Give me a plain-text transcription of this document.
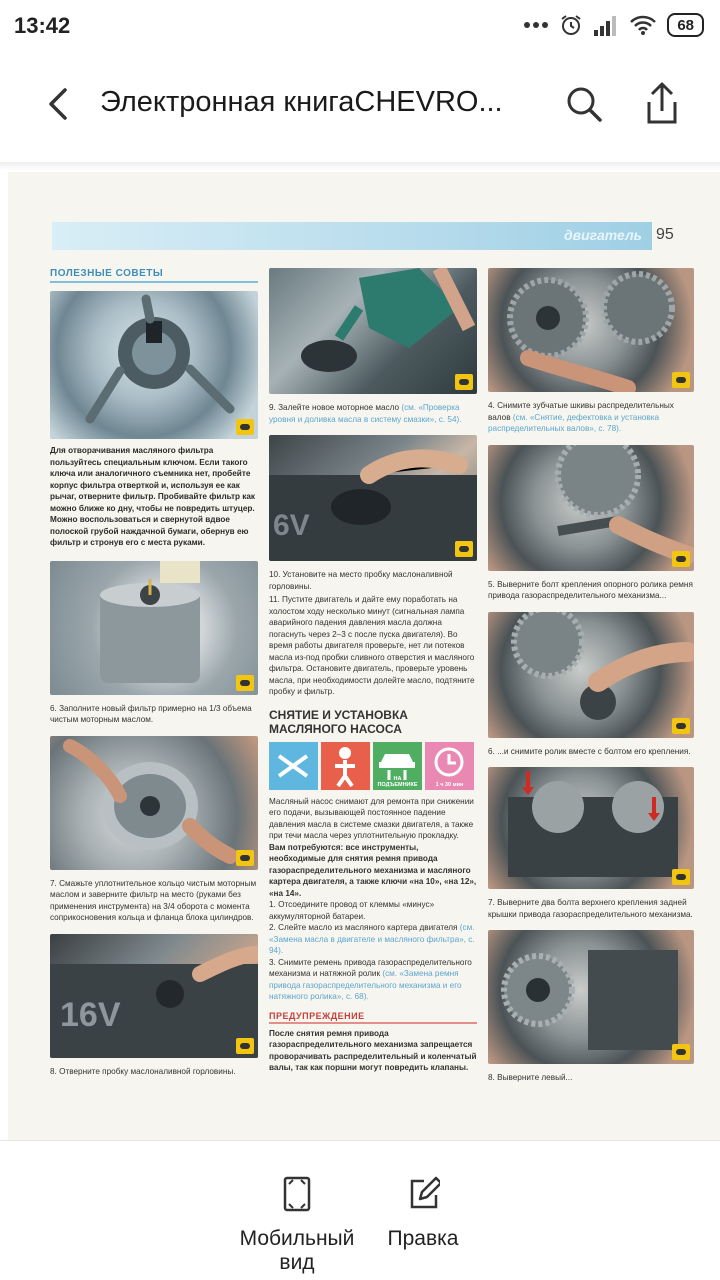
13:42	68
Электронная книгаCHEVRO...
двигатель 95
ПОЛЕЗНЫЕ СОВЕТЫ
Для отворачивания масляного фильтра пользуйтесь специальным ключом. Если такого ключа или аналогичного съемника нет, пробейте корпус фильтра отверткой и, используя ее как рычаг, отверните фильтр. Пробивайте фильтр как можно ближе ко дну, чтобы не повредить штуцер. Можно воспользоваться и свернутой вдвое полоской грубой наждачной бумаги, обернув ею фильтр и стронув его с места руками.
6. Заполните новый фильтр примерно на 1/3 объема чистым моторным маслом.
7. Смажьте уплотнительное кольцо чистым моторным маслом и заверните фильтр на место (руками без применения инструмента) на 3/4 оборота с момента соприкосновения кольца и фланца блока цилиндров.
16V
8. Отверните пробку маслоналивной горловины.
9. Залейте новое моторное масло (см. «Проверка уровня и доливка масла в систему смазки», с. 54).
6V
10. Установите на место пробку маслоналивной горловины.
11. Пустите двигатель и дайте ему поработать на холостом ходу несколько минут (сигнальная лампа аварийного падения давления масла должна погаснуть через 2–3 с после пуска двигателя). Во время работы двигателя проверьте, нет ли потеков масла из-под пробки сливного отверстия и масляного фильтра. Остановите двигатель, проверьте уровень масла, при необходимости долейте масло, подтяните пробку и фильтр.
СНЯТИЕ И УСТАНОВКА МАСЛЯНОГО НАСОСА
НА ПОДЪЕМНИКЕ	1 ч 30 мин
Масляный насос снимают для ремонта при снижении его подачи, вызывающей постоянное падение давления масла в системе смазки двигателя, а также при течи масла через уплотнительную прокладку.
Вам потребуются: все инструменты, необходимые для снятия ремня привода газораспределительного механизма и масляного картера двигателя, а также ключи «на 10», «на 12», «на 14».
1. Отсоедините провод от клеммы «минус» аккумуляторной батареи.
2. Слейте масло из масляного картера двигателя (см. «Замена масла в двигателе и масляного фильтра», с. 94).
3. Снимите ремень привода газораспределительного механизма и натяжной ролик (см. «Замена ремня привода газораспределительного механизма и его натяжного ролика», с. 68).
ПРЕДУПРЕЖДЕНИЕ
После снятия ремня привода газораспределительного механизма запрещается проворачивать распределительный и коленчатый валы, так как поршни могут повредить клапаны.
4. Снимите зубчатые шкивы распределительных валов (см. «Снятие, дефектовка и установка распределительных валов», с. 78).
5. Выверните болт крепления опорного ролика ремня привода газораспределительного механизма...
6. ...и снимите ролик вместе с болтом его крепления.
7. Выверните два болта верхнего крепления задней крышки привода газораспределительного механизма.
8. Выверните левый...
Мобильный
вид
Правка
